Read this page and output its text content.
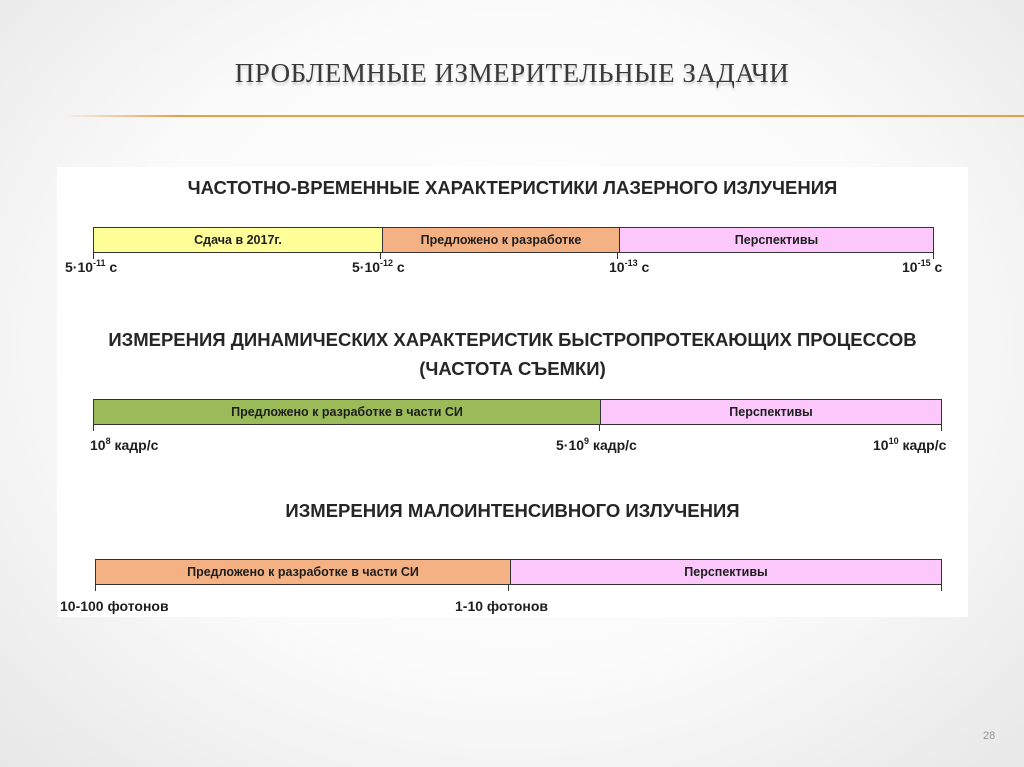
ПРОБЛЕМНЫЕ ИЗМЕРИТЕЛЬНЫЕ ЗАДАЧИ
ЧАСТОТНО-ВРЕМЕННЫЕ ХАРАКТЕРИСТИКИ ЛАЗЕРНОГО ИЗЛУЧЕНИЯ
Сдача в 2017г.	Предложено к разработке	Перспективы
$5\cdot 10^{-11}$ с	$5\cdot 10^{-12}$ с	$10^{-13}$ с	$10^{-15}$ с
ИЗМЕРЕНИЯ ДИНАМИЧЕСКИХ ХАРАКТЕРИСТИК БЫСТРОПРОТЕКАЮЩИХ ПРОЦЕССОВ
(ЧАСТОТА СЪЕМКИ)
Предложено к разработке в части СИ	Перспективы
$10^8$ кадр/с	$5\cdot 10^9$ кадр/с	$10^{10}$ кадр/с
ИЗМЕРЕНИЯ МАЛОИНТЕНСИВНОГО ИЗЛУЧЕНИЯ
Предложено к разработке в части СИ	Перспективы
10-100 фотонов	1-10 фотонов
28
